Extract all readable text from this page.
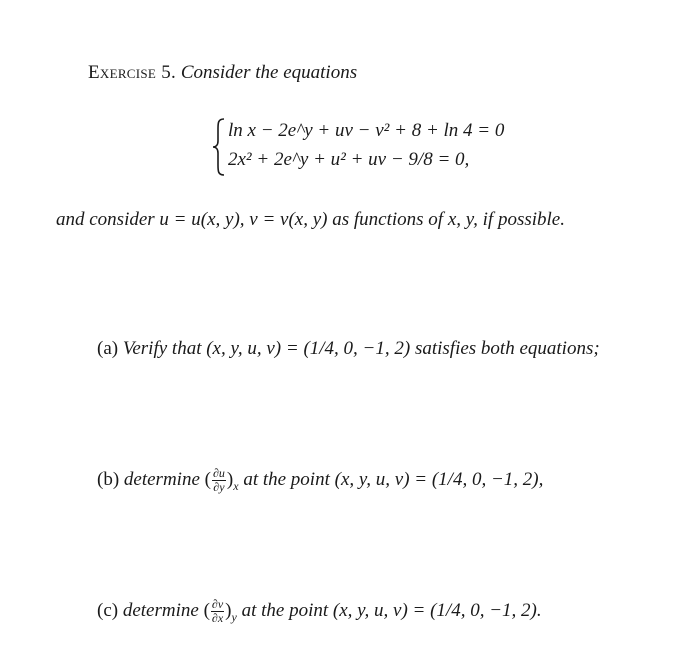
Exercise 5. Consider the equations
ln x − 2e^y + uv − v² + 8 + ln 4 = 0
2x² + 2e^y + u² + uv − 9/8 = 0,
and consider u = u(x, y), v = v(x, y) as functions of x, y, if possible.
(a) Verify that (x, y, u, v) = (1/4, 0, −1, 2) satisfies both equations;
(b) determine ( $\frac{\partial u}{\partial y} )_x$ at the point (x, y, u, v) = (1/4, 0, −1, 2),
(c) determine ( $\frac{\partial v}{\partial x} )_y$ at the point (x, y, u, v) = (1/4, 0, −1, 2).
